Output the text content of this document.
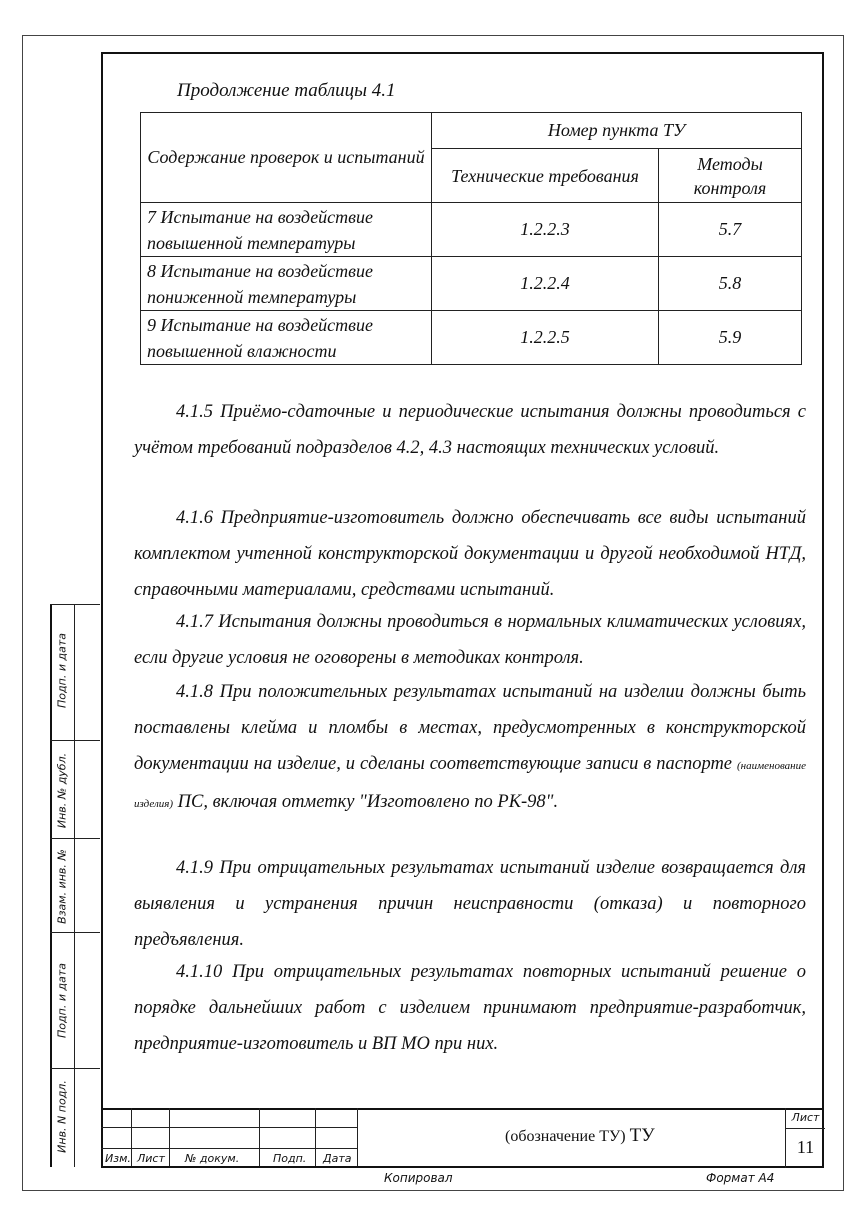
Продолжение таблицы 4.1
Содержание проверок и испытаний	Номер пункта ТУ	
	Технические требования	Методы контроля
7 Испытание на воздействие
повышенной температуры	1.2.2.3	5.7
8 Испытание на воздействие
пониженной температуры	1.2.2.4	5.8
9 Испытание на воздействие
повышенной влажности	1.2.2.5	5.9
4.1.5 Приёмо-сдаточные и периодические испытания должны проводиться с учётом требований подразделов 4.2, 4.3 настоящих технических условий.
4.1.6 Предприятие-изготовитель должно обеспечивать все виды испытаний комплектом учтенной конструкторской документации и другой необходимой НТД, справочными материалами, средствами испытаний.
4.1.7 Испытания должны проводиться в нормальных климатических условиях, если другие условия не оговорены в методиках контроля.
4.1.8 При положительных результатах испытаний на изделии должны быть поставлены клейма и пломбы в местах, предусмотренных в конструкторской документации на изделие, и сделаны соответствующие записи в паспорте (наименование изделия) ПС, включая отметку "Изготовлено по РК-98".
4.1.9 При отрицательных результатах испытаний изделие возвращается для выявления и устранения причин неисправности (отказа) и повторного предъявления.
4.1.10 При отрицательных результатах повторных испытаний решение о порядке дальнейших работ с изделием принимают предприятие-разработчик, предприятие-изготовитель и ВП МО при них.
Подп. и дата
Инв. № дубл.
Взам. инв. №
Подп. и дата
Инв. N подл.
Изм. Лист № докум.	Подп. Дата
(обозначение ТУ) ТУ
Лист
11
Копировал	Формат А4
